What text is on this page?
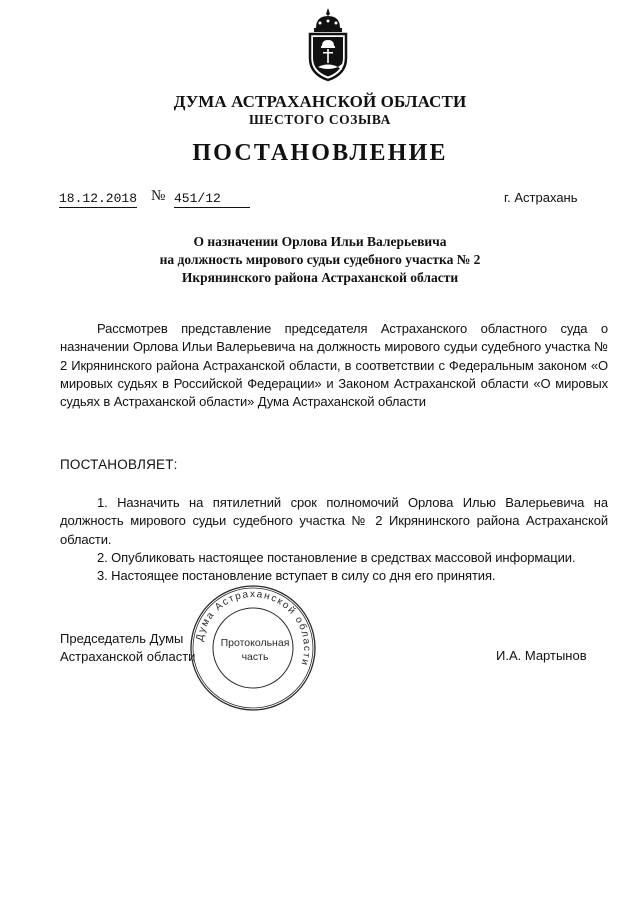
ДУМА АСТРАХАНСКОЙ ОБЛАСТИ
ШЕСТОГО СОЗЫВА
ПОСТАНОВЛЕНИЕ
18.12.2018 № 451/12	г. Астрахань
О назначении Орлова Ильи Валерьевича
на должность мирового судьи судебного участка № 2
Икрянинского района Астраханской области
Рассмотрев представление председателя Астраханского областного суда о назначении Орлова Ильи Валерьевича на должность мирового судьи судебного участка № 2 Икрянинского района Астраханской области, в соответствии с Федеральным законом «О мировых судьях в Российской Федерации» и Законом Астраханской области «О мировых судьях в Астраханской области» Дума Астраханской области
ПОСТАНОВЛЯЕТ:

1. Назначить на пятилетний срок полномочий Орлова Илью Валерьевича на должность мирового судьи судебного участка № 2 Икрянинского района Астраханской области.

2. Опубликовать настоящее постановление в средствах массовой информации.

3. Настоящее постановление вступает в силу со дня его принятия.

Председатель Думы
Астраханской области	И.А. Мартынов
Дума Астраханской области
Протокольная
часть
